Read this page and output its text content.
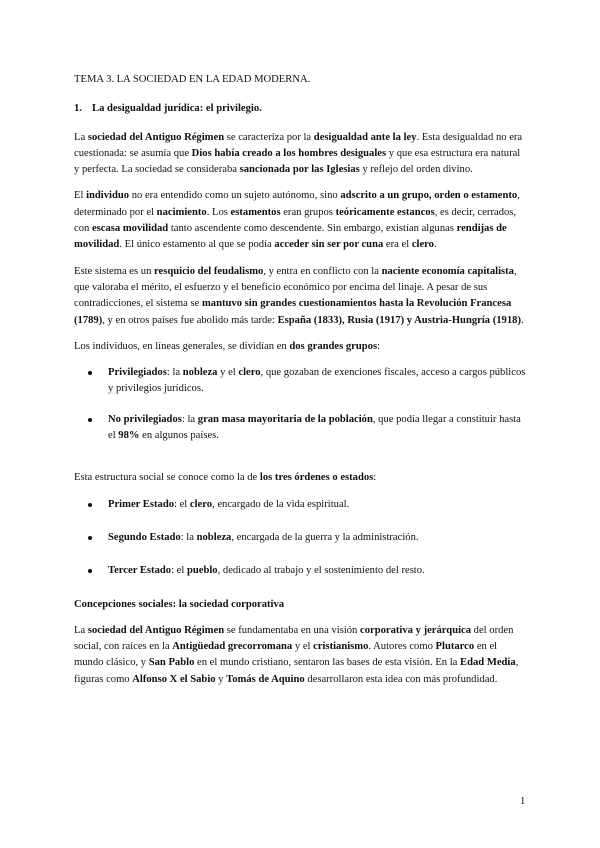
TEMA 3. LA SOCIEDAD EN LA EDAD MODERNA.
1. La desigualdad jurídica: el privilegio.

La sociedad del Antiguo Régimen se caracteriza por la desigualdad ante la ley. Esta desigualdad no era cuestionada: se asumía que Dios había creado a los hombres desiguales y que esa estructura era natural y perfecta. La sociedad se consideraba sancionada por las Iglesias y reflejo del orden divino.

El individuo no era entendido como un sujeto autónomo, sino adscrito a un grupo, orden o estamento, determinado por el nacimiento. Los estamentos eran grupos teóricamente estancos, es decir, cerrados, con escasa movilidad tanto ascendente como descendente. Sin embargo, existían algunas rendijas de movilidad. El único estamento al que se podía acceder sin ser por cuna era el clero.

Este sistema es un resquicio del feudalismo, y entra en conflicto con la naciente economía capitalista, que valoraba el mérito, el esfuerzo y el beneficio económico por encima del linaje. A pesar de sus contradicciones, el sistema se mantuvo sin grandes cuestionamientos hasta la Revolución Francesa (1789), y en otros países fue abolido más tarde: España (1833), Rusia (1917) y Austria-Hungría (1918).

Los individuos, en líneas generales, se dividían en dos grandes grupos:

Privilegiados: la nobleza y el clero, que gozaban de exenciones fiscales, acceso a cargos públicos y privilegios jurídicos.
No privilegiados: la gran masa mayoritaria de la población, que podía llegar a constituir hasta el 98% en algunos países.

Esta estructura social se conoce como la de los tres órdenes o estados:

Primer Estado: el clero, encargado de la vida espiritual.
Segundo Estado: la nobleza, encargada de la guerra y la administración.
Tercer Estado: el pueblo, dedicado al trabajo y el sostenimiento del resto.

Concepciones sociales: la sociedad corporativa

La sociedad del Antiguo Régimen se fundamentaba en una visión corporativa y jerárquica del orden social, con raíces en la Antigüedad grecorromana y el cristianismo. Autores como Plutarco en el mundo clásico, y San Pablo en el mundo cristiano, sentaron las bases de esta visión. En la Edad Media, figuras como Alfonso X el Sabio y Tomás de Aquino desarrollaron esta idea con más profundidad.

1
